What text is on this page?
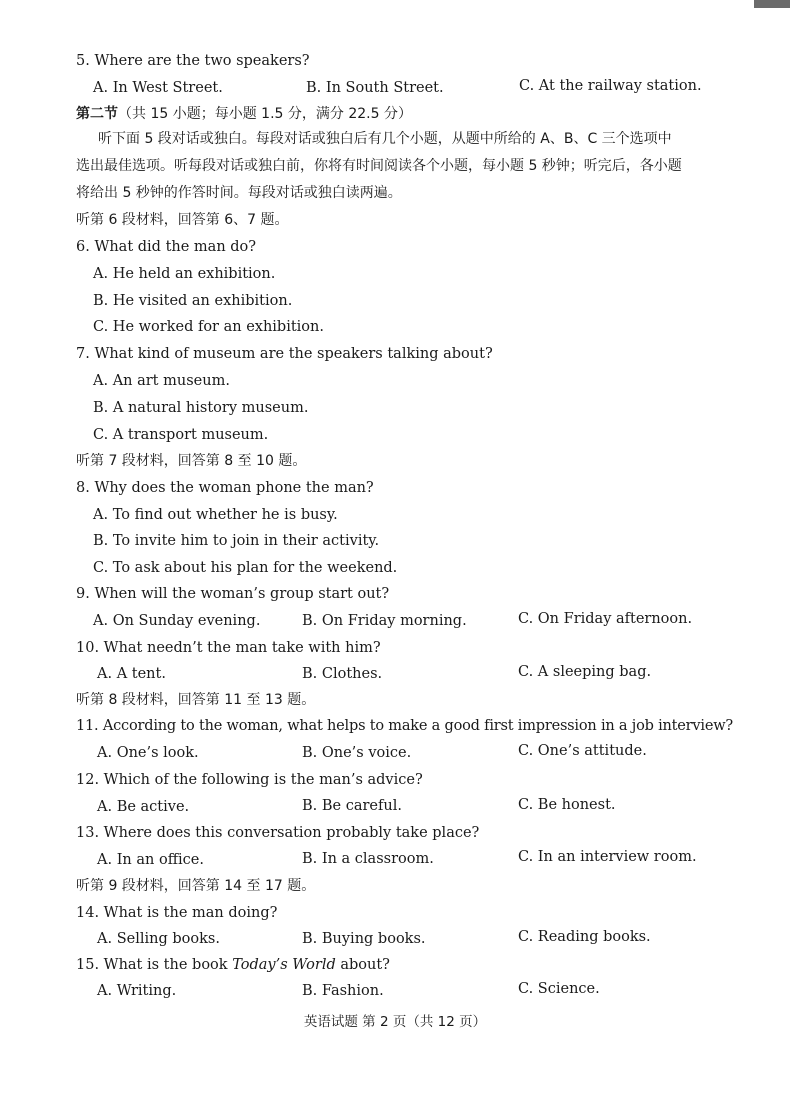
5. Where are the two speakers?
A. In West Street.	B. In South Street.	C. At the railway station.
第二节（共 15 小题；每小题 1.5 分，满分 22.5 分）
听下面 5 段对话或独白。每段对话或独白后有几个小题，从题中所给的 A、B、C 三个选项中
选出最佳选项。听每段对话或独白前，你将有时间阅读各个小题，每小题 5 秒钟；听完后，各小题
将给出 5 秒钟的作答时间。每段对话或独白读两遍。
听第 6 段材料，回答第 6、7 题。
6. What did the man do?
A. He held an exhibition.
B. He visited an exhibition.
C. He worked for an exhibition.
7. What kind of museum are the speakers talking about?
A. An art museum.
B. A natural history museum.
C. A transport museum.
听第 7 段材料，回答第 8 至 10 题。
8. Why does the woman phone the man?
A. To find out whether he is busy.
B. To invite him to join in their activity.
C. To ask about his plan for the weekend.
9. When will the woman’s group start out?
A. On Sunday evening.	B. On Friday morning.	C. On Friday afternoon.
10. What needn’t the man take with him?
A. A tent.	B. Clothes.	C. A sleeping bag.
听第 8 段材料，回答第 11 至 13 题。
11. According to the woman, what helps to make a good first impression in a job interview?
A. One’s look.	B. One’s voice.	C. One’s attitude.
12. Which of the following is the man’s advice?
A. Be active.	B. Be careful.	C. Be honest.
13. Where does this conversation probably take place?
A. In an office.	B. In a classroom.	C. In an interview room.
听第 9 段材料，回答第 14 至 17 题。
14. What is the man doing?
A. Selling books.	B. Buying books.	C. Reading books.
15. What is the book Today’s World about?
A. Writing.	B. Fashion.	C. Science.
英语试题 第 2 页（共 12 页）
